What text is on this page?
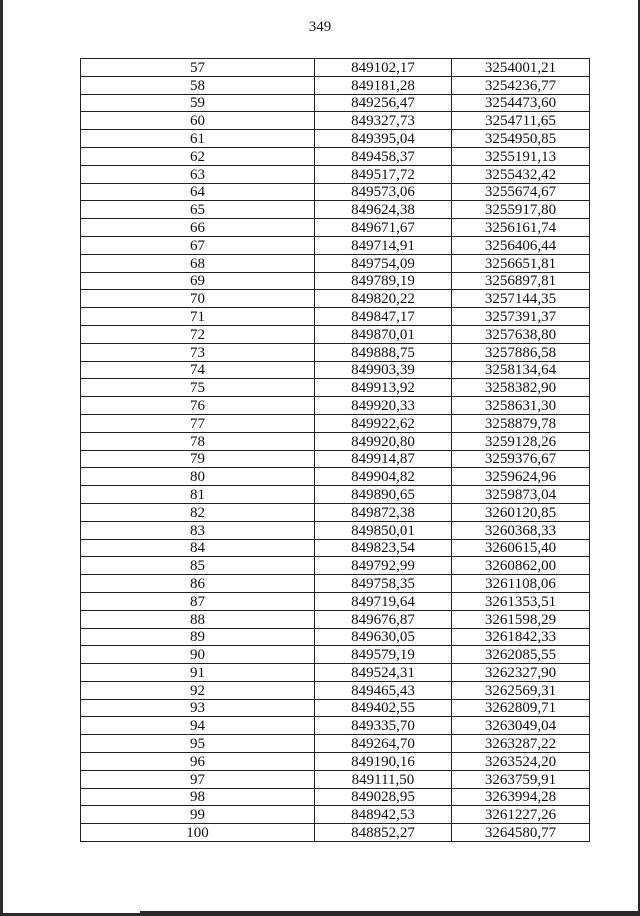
349
57	849102,17	3254001,21
58	849181,28	3254236,77
59	849256,47	3254473,60
60	849327,73	3254711,65
61	849395,04	3254950,85
62	849458,37	3255191,13
63	849517,72	3255432,42
64	849573,06	3255674,67
65	849624,38	3255917,80
66	849671,67	3256161,74
67	849714,91	3256406,44
68	849754,09	3256651,81
69	849789,19	3256897,81
70	849820,22	3257144,35
71	849847,17	3257391,37
72	849870,01	3257638,80
73	849888,75	3257886,58
74	849903,39	3258134,64
75	849913,92	3258382,90
76	849920,33	3258631,30
77	849922,62	3258879,78
78	849920,80	3259128,26
79	849914,87	3259376,67
80	849904,82	3259624,96
81	849890,65	3259873,04
82	849872,38	3260120,85
83	849850,01	3260368,33
84	849823,54	3260615,40
85	849792,99	3260862,00
86	849758,35	3261108,06
87	849719,64	3261353,51
88	849676,87	3261598,29
89	849630,05	3261842,33
90	849579,19	3262085,55
91	849524,31	3262327,90
92	849465,43	3262569,31
93	849402,55	3262809,71
94	849335,70	3263049,04
95	849264,70	3263287,22
96	849190,16	3263524,20
97	849111,50	3263759,91
98	849028,95	3263994,28
99	848942,53	3261227,26
100	848852,27	3264580,77
